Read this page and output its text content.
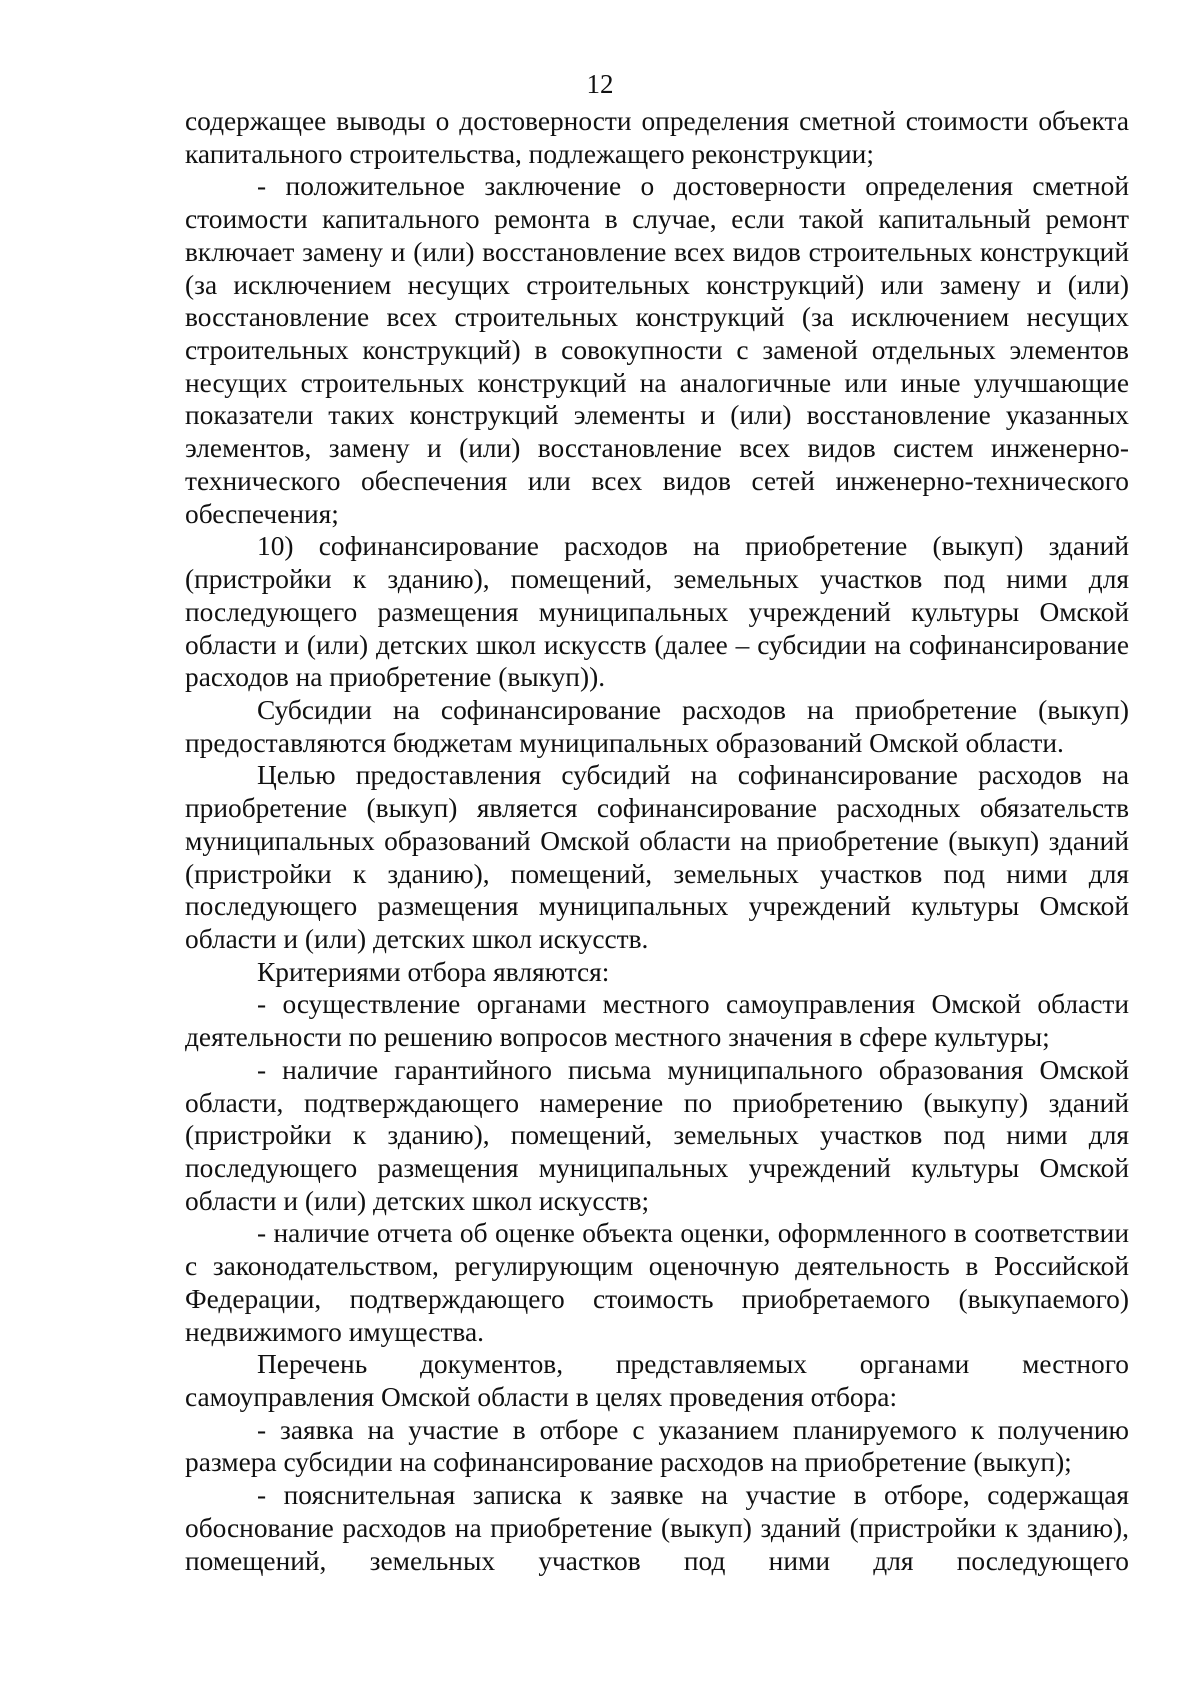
12

содержащее выводы о достоверности определения сметной стоимости объекта капитального строительства, подлежащего реконструкции;

- положительное заключение о достоверности определения сметной стоимости капитального ремонта в случае, если такой капитальный ремонт включает замену и (или) восстановление всех видов строительных конструкций (за исключением несущих строительных конструкций) или замену и (или) восстановление всех строительных конструкций (за исключением несущих строительных конструкций) в совокупности с заменой отдельных элементов несущих строительных конструкций на аналогичные или иные улучшающие показатели таких конструкций элементы и (или) восстановление указанных элементов, замену и (или) восстановление всех видов систем инженерно-технического обеспечения или всех видов сетей инженерно-технического обеспечения;

10) софинансирование расходов на приобретение (выкуп) зданий (пристройки к зданию), помещений, земельных участков под ними для последующего размещения муниципальных учреждений культуры Омской области и (или) детских школ искусств (далее – субсидии на софинансирование расходов на приобретение (выкуп)).

Субсидии на софинансирование расходов на приобретение (выкуп) предоставляются бюджетам муниципальных образований Омской области.

Целью предоставления субсидий на софинансирование расходов на приобретение (выкуп) является софинансирование расходных обязательств муниципальных образований Омской области на приобретение (выкуп) зданий (пристройки к зданию), помещений, земельных участков под ними для последующего размещения муниципальных учреждений культуры Омской области и (или) детских школ искусств.

Критериями отбора являются:

- осуществление органами местного самоуправления Омской области деятельности по решению вопросов местного значения в сфере культуры;

- наличие гарантийного письма муниципального образования Омской области, подтверждающего намерение по приобретению (выкупу) зданий (пристройки к зданию), помещений, земельных участков под ними для последующего размещения муниципальных учреждений культуры Омской области и (или) детских школ искусств;

- наличие отчета об оценке объекта оценки, оформленного в соответствии с законодательством, регулирующим оценочную деятельность в Российской Федерации, подтверждающего стоимость приобретаемого (выкупаемого) недвижимого имущества.

Перечень документов, представляемых органами местного самоуправления Омской области в целях проведения отбора:

- заявка на участие в отборе с указанием планируемого к получению размера субсидии на софинансирование расходов на приобретение (выкуп);

- пояснительная записка к заявке на участие в отборе, содержащая обоснование расходов на приобретение (выкуп) зданий (пристройки к зданию), помещений, земельных участков под ними для последующего
